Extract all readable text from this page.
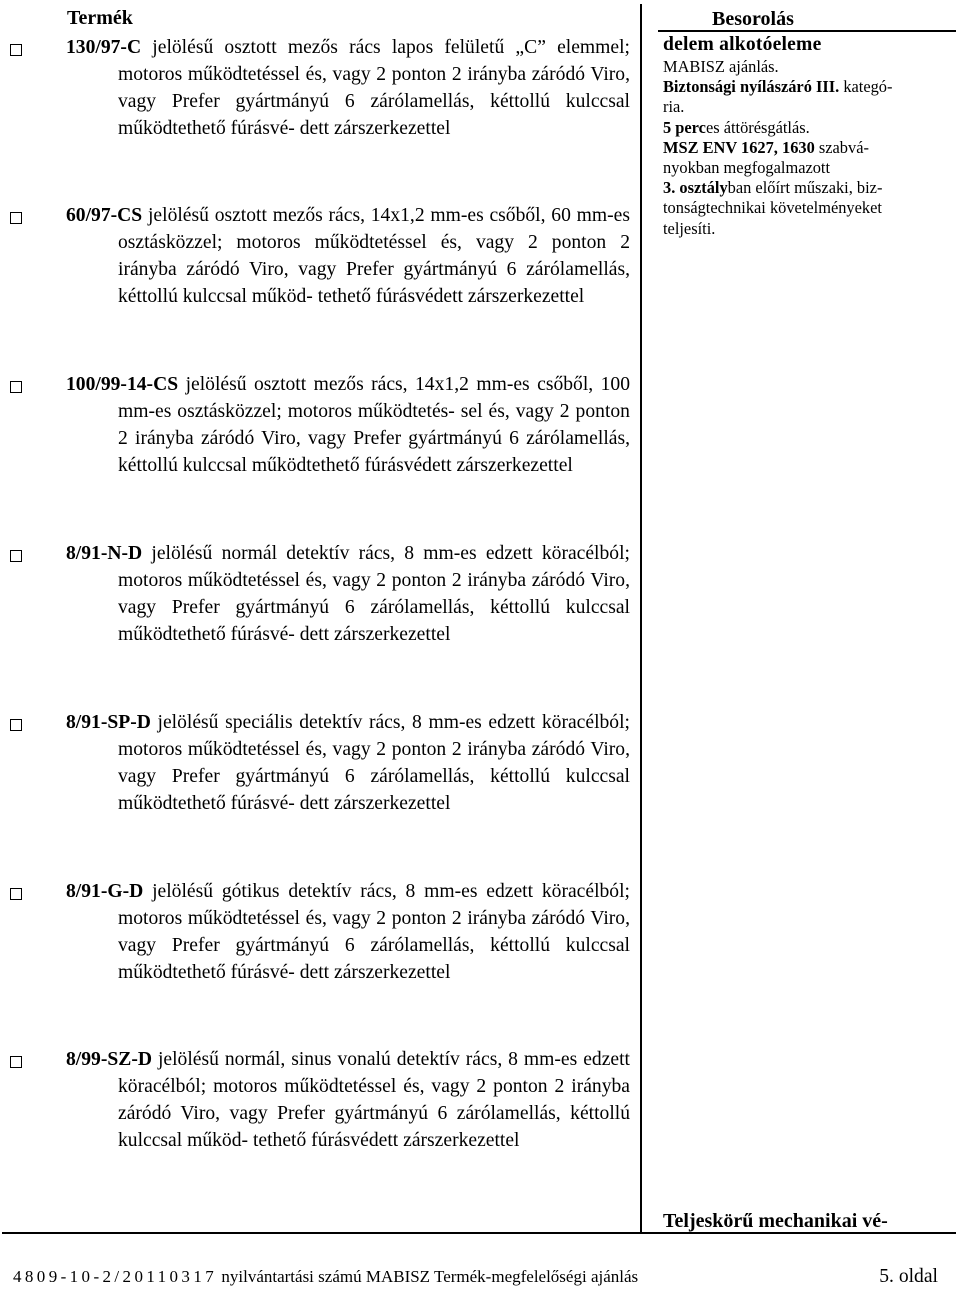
Termék	Besorolás
130/97-C jelölésű osztott mezős rács lapos felületű „C” elemmel; motoros működtetéssel és, vagy 2 ponton 2 irányba záródó Viro, vagy Prefer gyártmányú 6 zárólamellás, kéttollú kulccsal működtethető fúrásvé- dett zárszerkezettel
60/97-CS jelölésű osztott mezős rács, 14x1,2 mm-es csőből, 60 mm-es osztásközzel; motoros működtetéssel és, vagy 2 ponton 2 irányba záródó Viro, vagy Prefer gyártmányú 6 zárólamellás, kéttollú kulccsal működ- tethető fúrásvédett zárszerkezettel
100/99-14-CS jelölésű osztott mezős rács, 14x1,2 mm-es csőből, 100 mm-es osztásközzel; motoros működtetés- sel és, vagy 2 ponton 2 irányba záródó Viro, vagy Prefer gyártmányú 6 zárólamellás, kéttollú kulccsal működtethető fúrásvédett zárszerkezettel
8/91-N-D jelölésű normál detektív rács, 8 mm-es edzett köracélból; motoros működtetéssel és, vagy 2 ponton 2 irányba záródó Viro, vagy Prefer gyártmányú 6 zárólamellás, kéttollú kulccsal működtethető fúrásvé- dett zárszerkezettel
8/91-SP-D jelölésű speciális detektív rács, 8 mm-es edzett köracélból; motoros működtetéssel és, vagy 2 ponton 2 irányba záródó Viro, vagy Prefer gyártmányú 6 zárólamellás, kéttollú kulccsal működtethető fúrásvé- dett zárszerkezettel
8/91-G-D jelölésű gótikus detektív rács, 8 mm-es edzett köracélból; motoros működtetéssel és, vagy 2 ponton 2 irányba záródó Viro, vagy Prefer gyártmányú 6 zárólamellás, kéttollú kulccsal működtethető fúrásvé- dett zárszerkezettel
8/99-SZ-D jelölésű normál, sinus vonalú detektív rács, 8 mm-es edzett köracélból; motoros működtetéssel és, vagy 2 ponton 2 irányba záródó Viro, vagy Prefer gyártmányú 6 zárólamellás, kéttollú kulccsal működ- tethető fúrásvédett zárszerkezettel
delem alkotóeleme
MABISZ ajánlás.
Biztonsági nyílászáró III. kategó-
ria.
5 perces áttörésgátlás.
MSZ ENV 1627, 1630 szabvá-
nyokban megfogalmazott
3. osztályban előírt műszaki, biz-
tonságtechnikai követelményeket
teljesíti.
Teljeskörű mechanikai vé-
4809-10-2/20110317 nyilvántartási számú MABISZ Termék-megfelelőségi ajánlás	5. oldal
